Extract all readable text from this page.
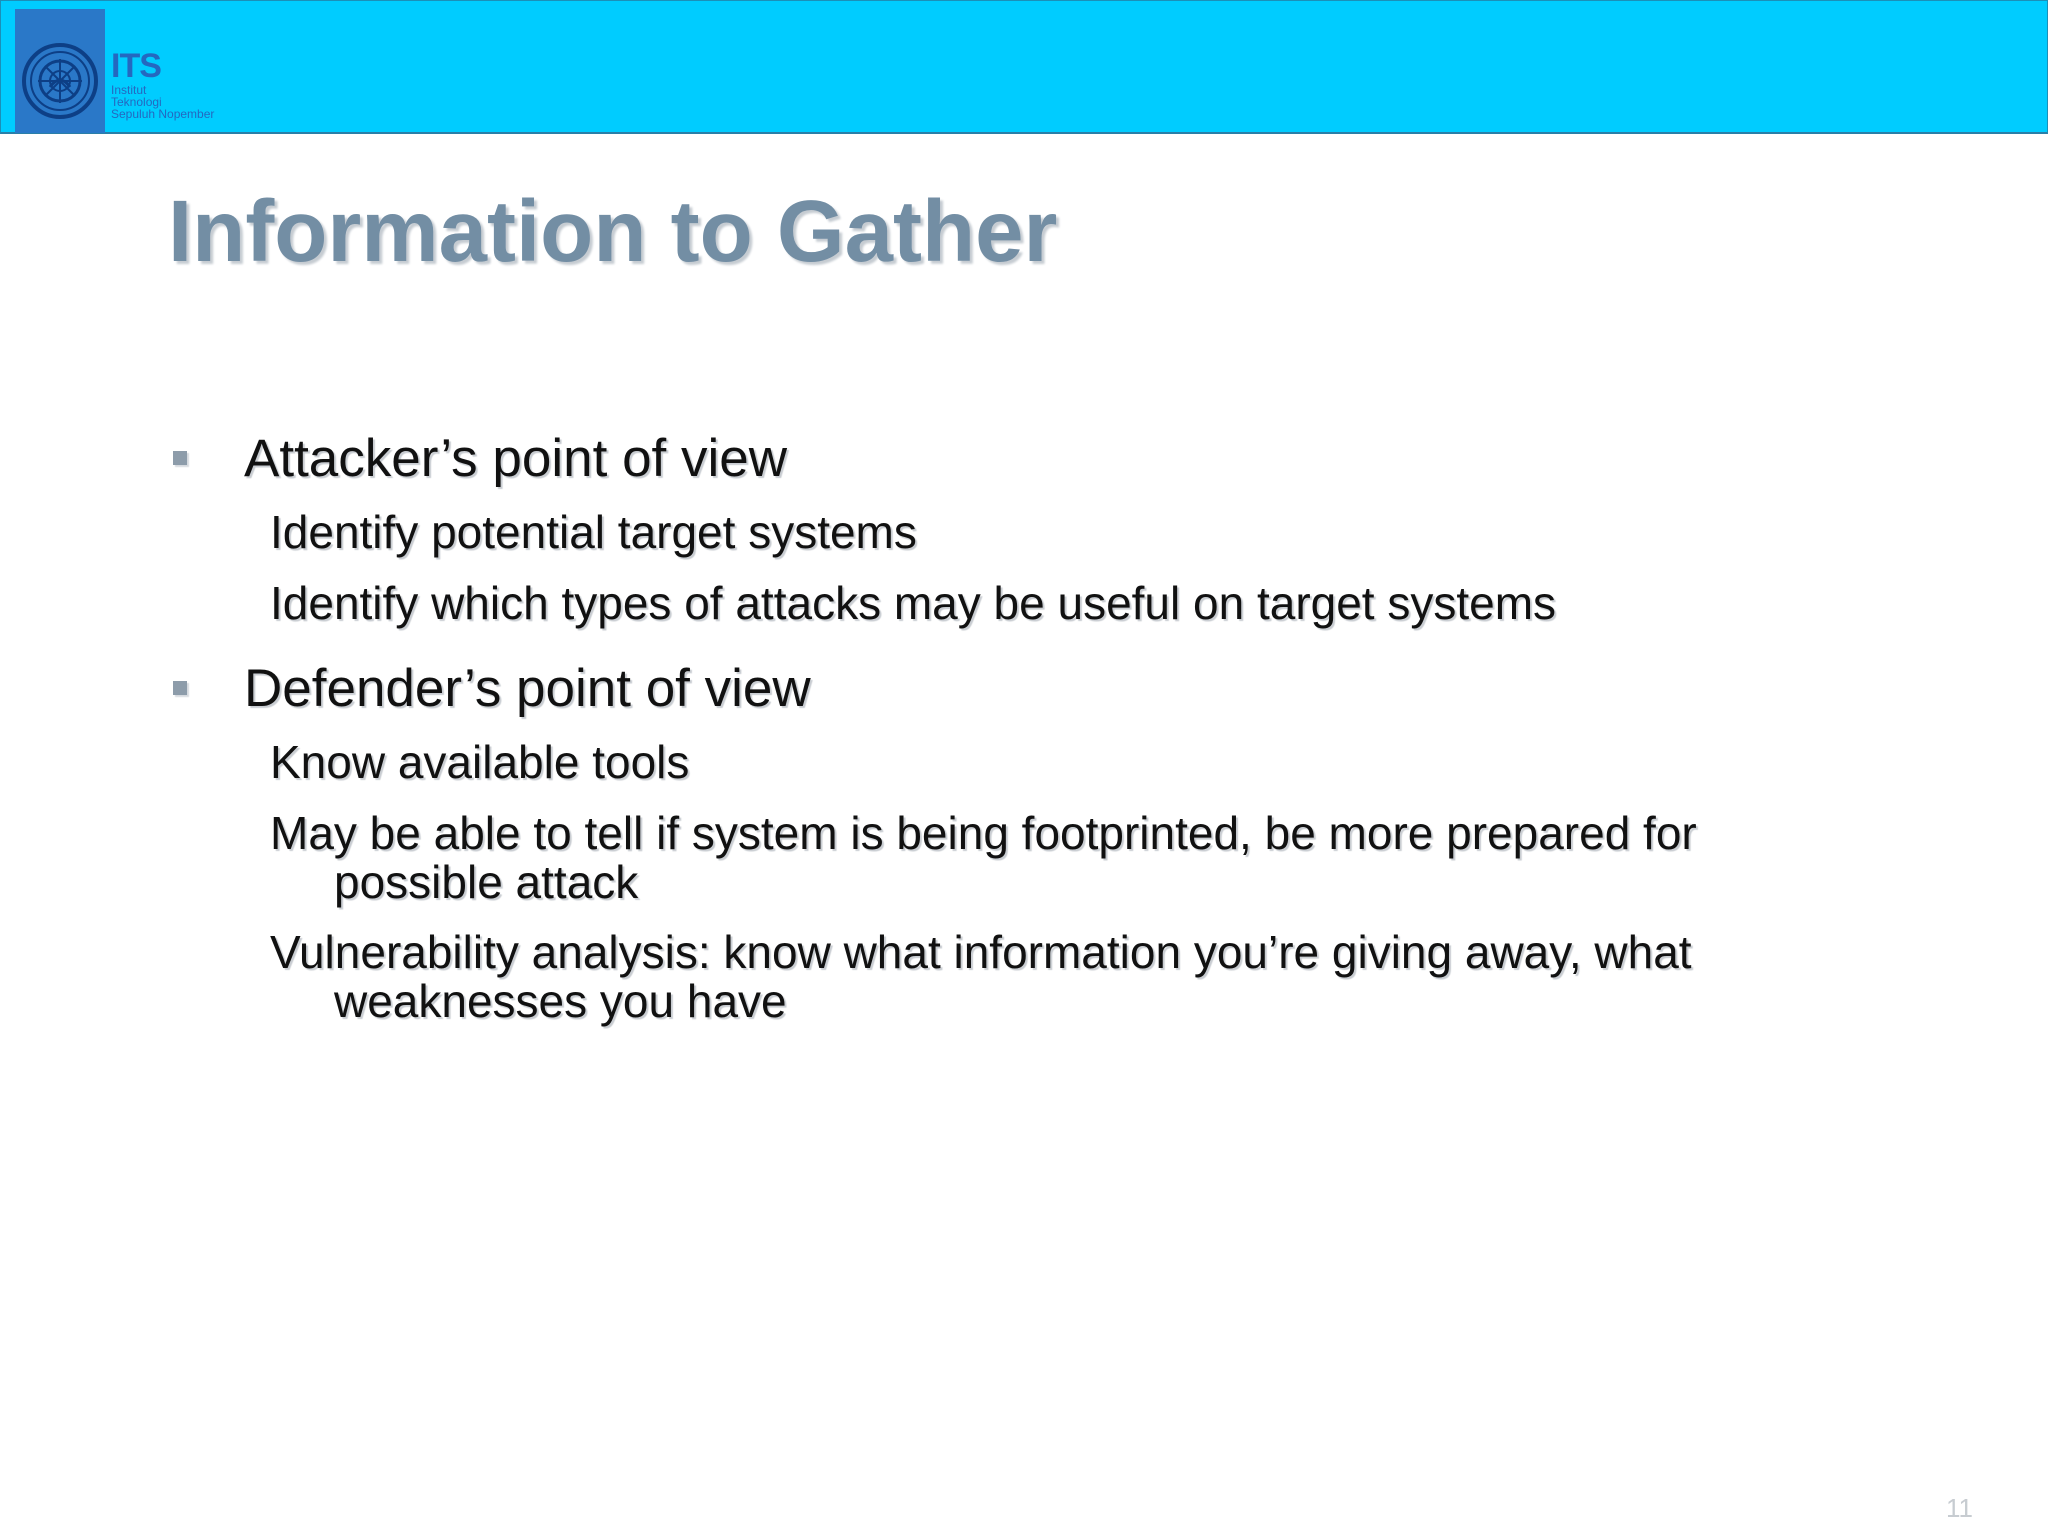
ITS
Institut
Teknologi
Sepuluh Nopember
Information to Gather
Attacker’s point of view
Identify potential target systems
Identify which types of attacks may be useful on target systems
Defender’s point of view
Know available tools
May be able to tell if system is being footprinted, be more prepared for possible attack
Vulnerability analysis: know what information you’re giving away, what weaknesses you have
11
